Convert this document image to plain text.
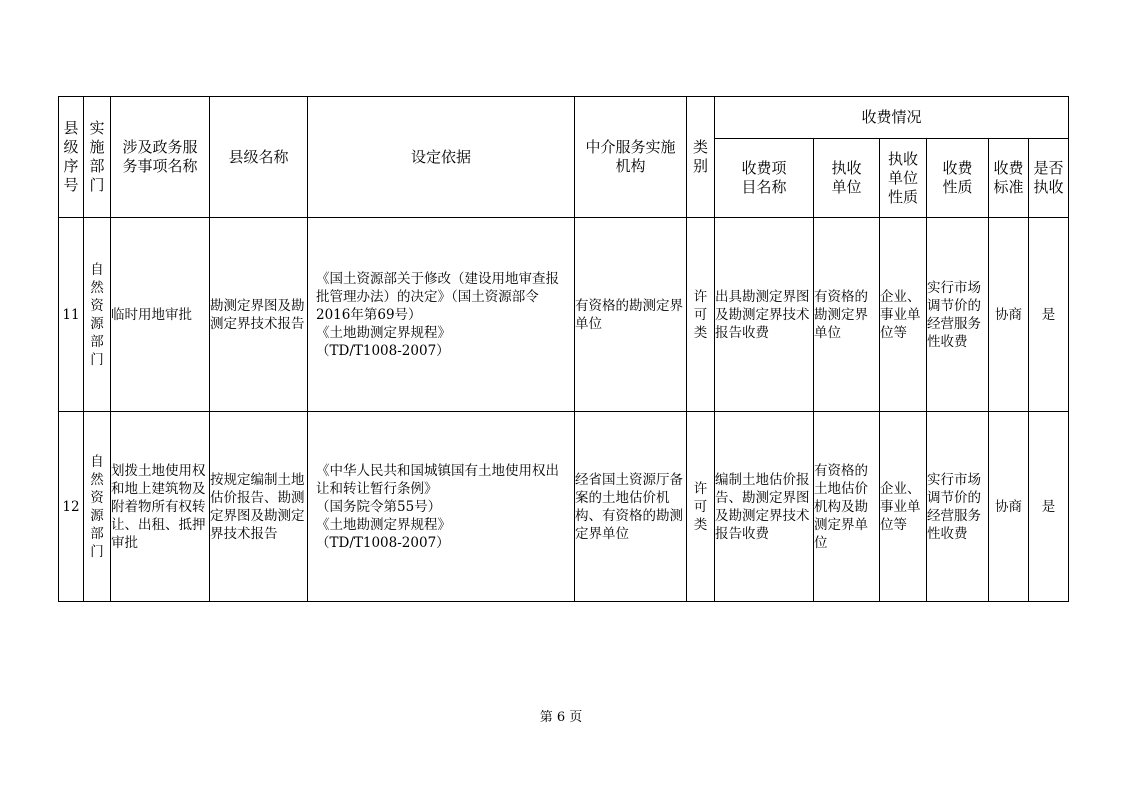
县级序号	实施部门	涉及政务服务事项名称	县级名称	设定依据	中介服务实施机构	类别	收费情况					

							收费项目名称	执收单位	执收单位性质	收费性质	收费标准	是否执收

11	自然资源部门	临时用地审批	勘测定界图及勘测定界技术报告	《国土资源部关于修改（建设用地审查报批管理办法）的决定》（国土资源部令2016年第69号）
《土地勘测定界规程》
（TD/T1008-2007）	有资格的勘测定界单位	许可类	出具勘测定界图及勘测定界技术报告收费	有资格的勘测定界单位	企业、事业单位等	实行市场调节价的经营服务性收费	协商	是
12	自然资源部门	划拨土地使用权和地上建筑物及附着物所有权转让、出租、抵押审批	按规定编制土地估价报告、勘测定界图及勘测定界技术报告	《中华人民共和国城镇国有土地使用权出让和转让暂行条例》
（国务院令第55号）
《土地勘测定界规程》
（TD/T1008-2007）	经省国土资源厅备案的土地估价机构、有资格的勘测定界单位	许可类	编制土地估价报告、勘测定界图及勘测定界技术报告收费	有资格的土地估价机构及勘测定界单位	企业、事业单位等	实行市场调节价的经营服务性收费	协商	是
第 6 页
